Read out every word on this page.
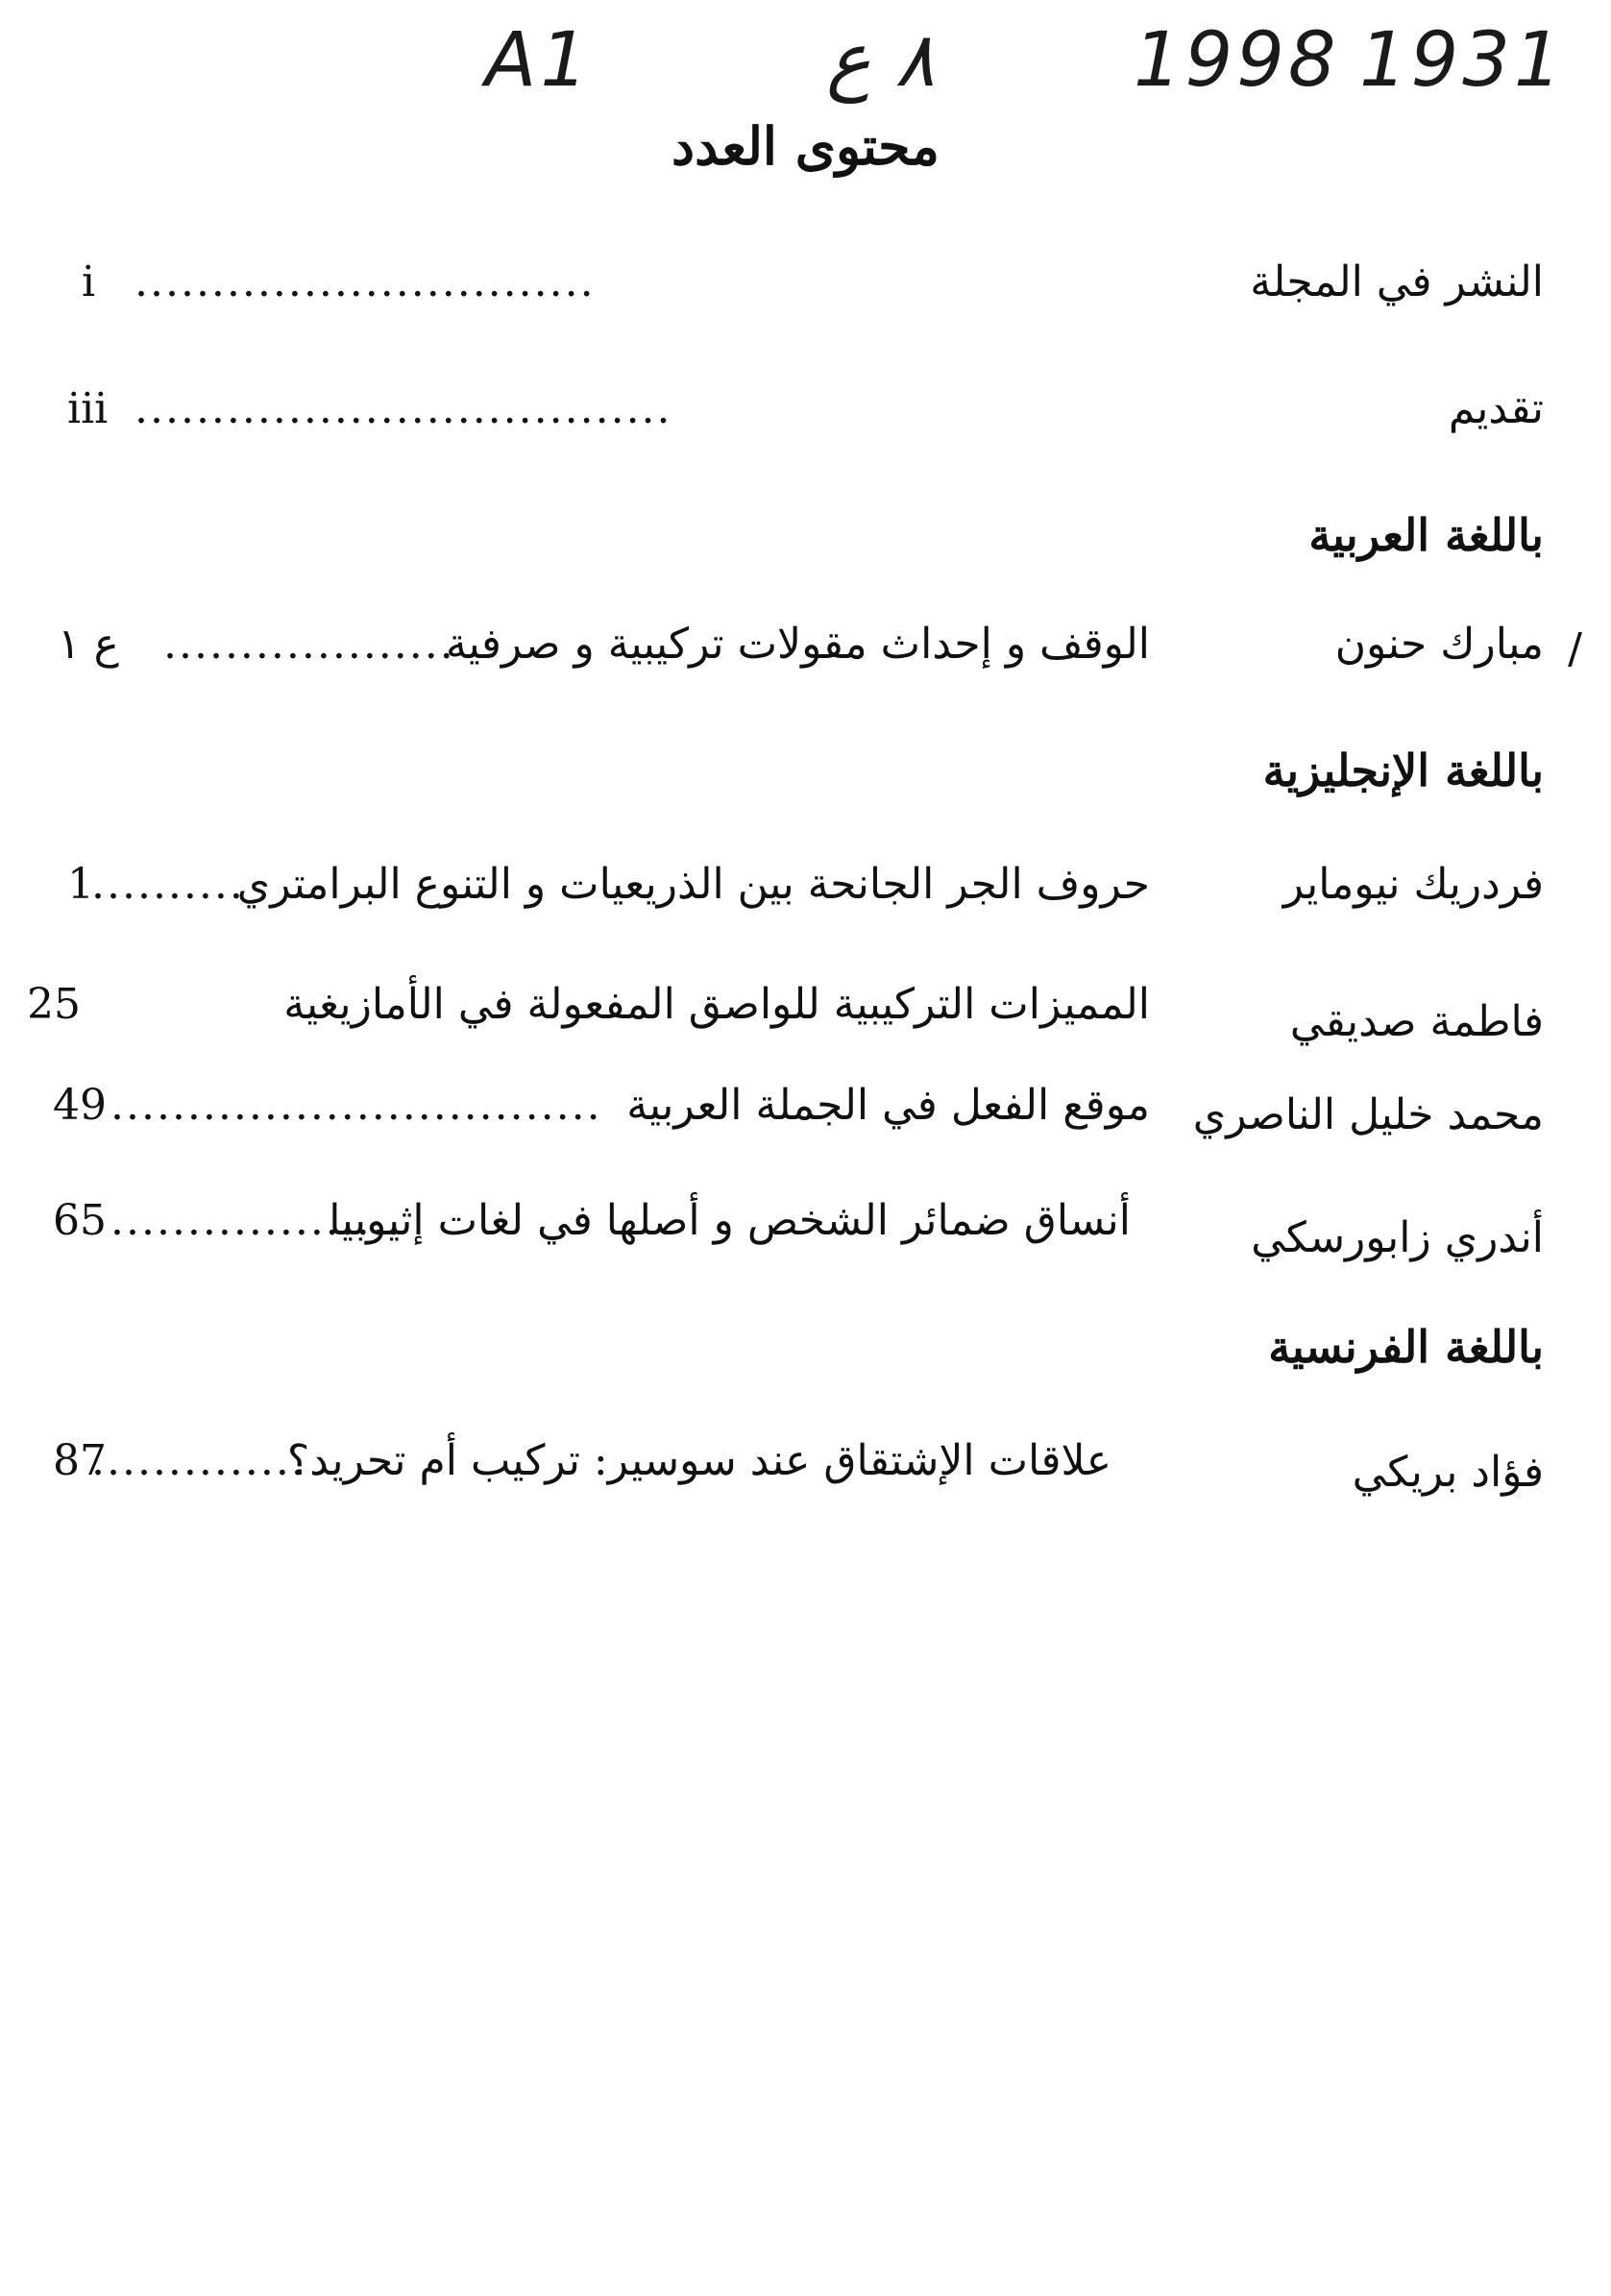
A1	٨ ع	1998 1931
محتوى العدد
النشر في المجلة
..............................
i
تقديم
...................................
iii
باللغة العربية
/
مبارك حنون
الوقف و إحداث مقولات تركيبية و صرفية
...................
ع ١
باللغة الإنجليزية
فردريك نيوماير
حروف الجر الجانحة بين الذريعيات و التنوع البرامتري
..........
1
فاطمة صديقي
المميزات التركيبية للواصق المفعولة في الأمازيغية
25
محمد خليل الناصري
موقع الفعل في الجملة العربية
................................
49
أندري زابورسكي
أنساق ضمائر الشخص و أصلها في لغات إثيوبيا
...................
65
باللغة الفرنسية
فؤاد بريكي
علاقات الإشتقاق عند سوسير: تركيب أم تحريد؟
..............
87
